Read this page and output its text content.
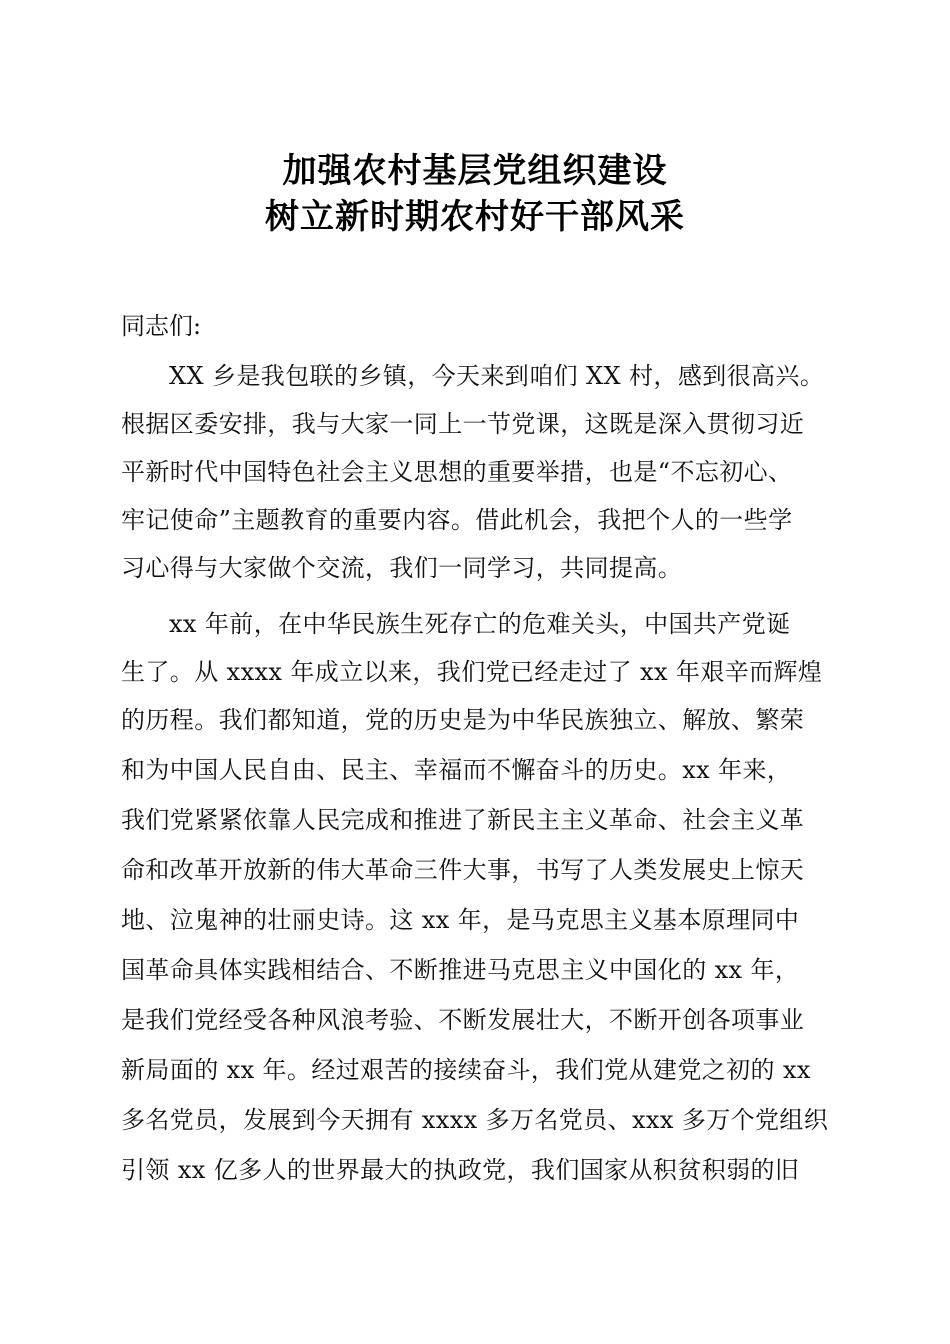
加强农村基层党组织建设
树立新时期农村好干部风采
同志们:
XX 乡是我包联的乡镇，今天来到咱们 XX 村，感到很高兴。
根据区委安排，我与大家一同上一节党课，这既是深入贯彻习近
平新时代中国特色社会主义思想的重要举措，也是“不忘初心、
牢记使命”主题教育的重要内容。借此机会，我把个人的一些学
习心得与大家做个交流，我们一同学习，共同提高。
xx 年前，在中华民族生死存亡的危难关头，中国共产党诞
生了。从 xxxx 年成立以来，我们党已经走过了 xx 年艰辛而辉煌
的历程。我们都知道，党的历史是为中华民族独立、解放、繁荣
和为中国人民自由、民主、幸福而不懈奋斗的历史。xx 年来，
我们党紧紧依靠人民完成和推进了新民主主义革命、社会主义革
命和改革开放新的伟大革命三件大事，书写了人类发展史上惊天
地、泣鬼神的壮丽史诗。这 xx 年，是马克思主义基本原理同中
国革命具体实践相结合、不断推进马克思主义中国化的 xx 年，
是我们党经受各种风浪考验、不断发展壮大，不断开创各项事业
新局面的 xx 年。经过艰苦的接续奋斗，我们党从建党之初的 xx
多名党员，发展到今天拥有 xxxx 多万名党员、xxx 多万个党组织
引领 xx 亿多人的世界最大的执政党，我们国家从积贫积弱的旧
